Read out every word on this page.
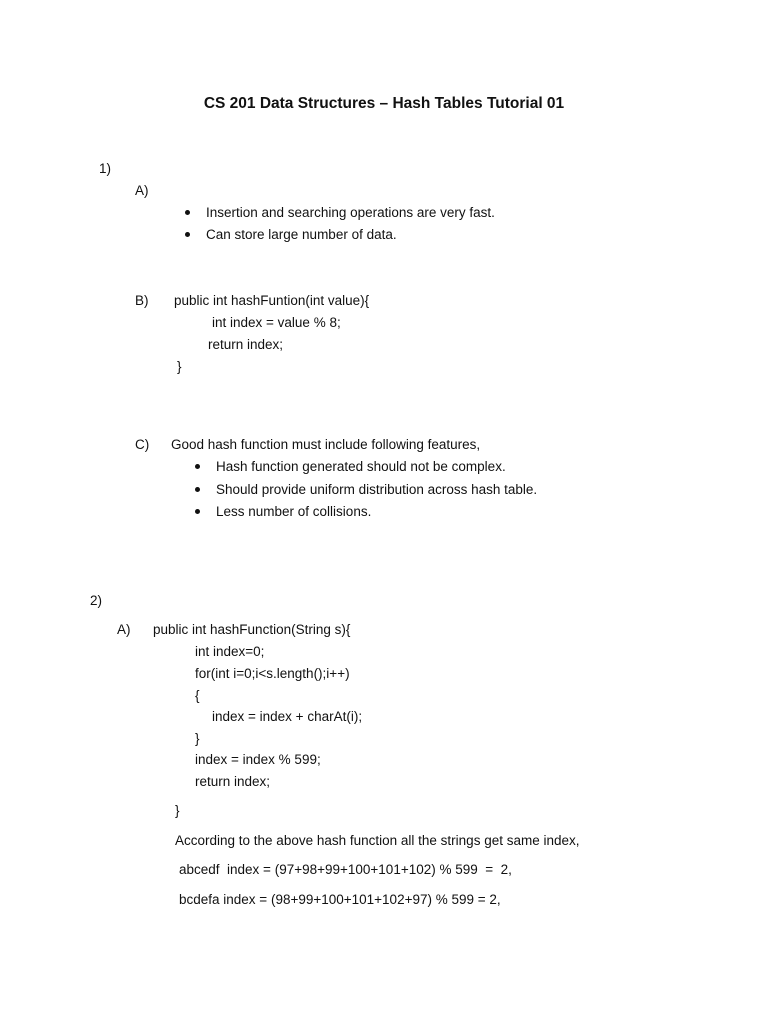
CS 201 Data Structures – Hash Tables Tutorial 01
1)
A)
Insertion and searching operations are very fast.
Can store large number of data.
B) public int hashFuntion(int value){
int index = value % 8;
return index;
}
C) Good hash function must include following features,
Hash function generated should not be complex.
Should provide uniform distribution across hash table.
Less number of collisions.
2)
A) public int hashFunction(String s){
int index=0;
for(int i=0;i<s.length();i++)
{
index = index + charAt(i);
}
index = index % 599;
return index;
}
According to the above hash function all the strings get same index,
abcedf  index = (97+98+99+100+101+102) % 599  =  2,
bcdefa index = (98+99+100+101+102+97) % 599 = 2,
